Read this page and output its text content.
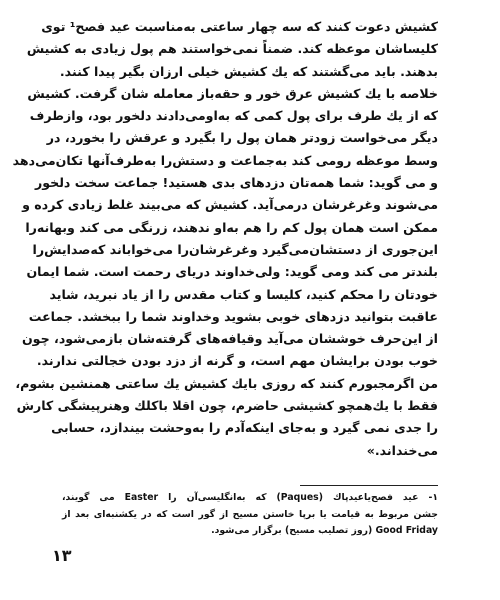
کشیش دعوت کنند که سه چهار ساعتی به‌مناسبت عید فصح¹ توی
کلیساشان موعظه کند. ضمناً نمی‌خواستند هم پول زیادی به کشیش
بدهند. باید می‌گشتند که یك کشیش خیلی ارزان بگیر پیدا کنند.
خلاصه با یك کشیش عرق خور و حقه‌باز معامله شان گرفت. کشیش
که از یك طرف برای پول کمی که به‌اومی‌دادند دلخور بود، وازطرف
دیگر می‌خواست زودتر همان پول را بگیرد و عرقش را بخورد، در
وسط موعظه رومی کند به‌جماعت و دستش‌را به‌طرف‌آنها تکان‌می‌دهد
و می گوید: شما همه‌تان دزدهای بدی هستید! جماعت سخت دلخور
می‌شوند وغرغرشان درمی‌آید. کشیش که می‌بیند غلط زیادی کرده و
ممکن است همان پول کم را هم به‌او ندهند، زرنگی می کند وبهانه‌را
این‌جوری از دستشان‌می‌گیرد وغرغرشان‌را می‌خواباند که‌صدایش‌را
بلندتر می کند ومی گوید: ولی‌خداوند دریای رحمت است. شما ایمان
خودتان را محکم کنید، کلیسا و کتاب مقدس را از یاد نبرید، شاید
عاقبت بتوانید دزدهای خوبی بشوید وخداوند شما را ببخشد. جماعت
از این‌حرف خوششان می‌آید وقیافه‌های گرفته‌شان بازمی‌شود، چون
خوب بودن برایشان مهم است، و گرنه از دزد بودن خجالتی ندارند.
من اگرمجبورم کنند که روزی بایك کشیش یك ساعتی همنشین بشوم،
فقط با یك‌همچو کشیشی حاضرم، چون اقلا باکلك وهنرپیشگی کارش
را جدی نمی گیرد و به‌جای اینکه‌آدم را به‌وحشت بیندازد، حسابی
می‌خنداند.»
۱- عید فصح‌یاعیدپاك (Paques) که به‌انگلیسی‌آن را Easter می گویند،
جشن مربوط به قیامت یا برپا خاستن مسیح از گور است که در یکشنبه‌ای بعد از
Good Friday (روز تصلیب مسیح) برگزار می‌شود.
۱۳
